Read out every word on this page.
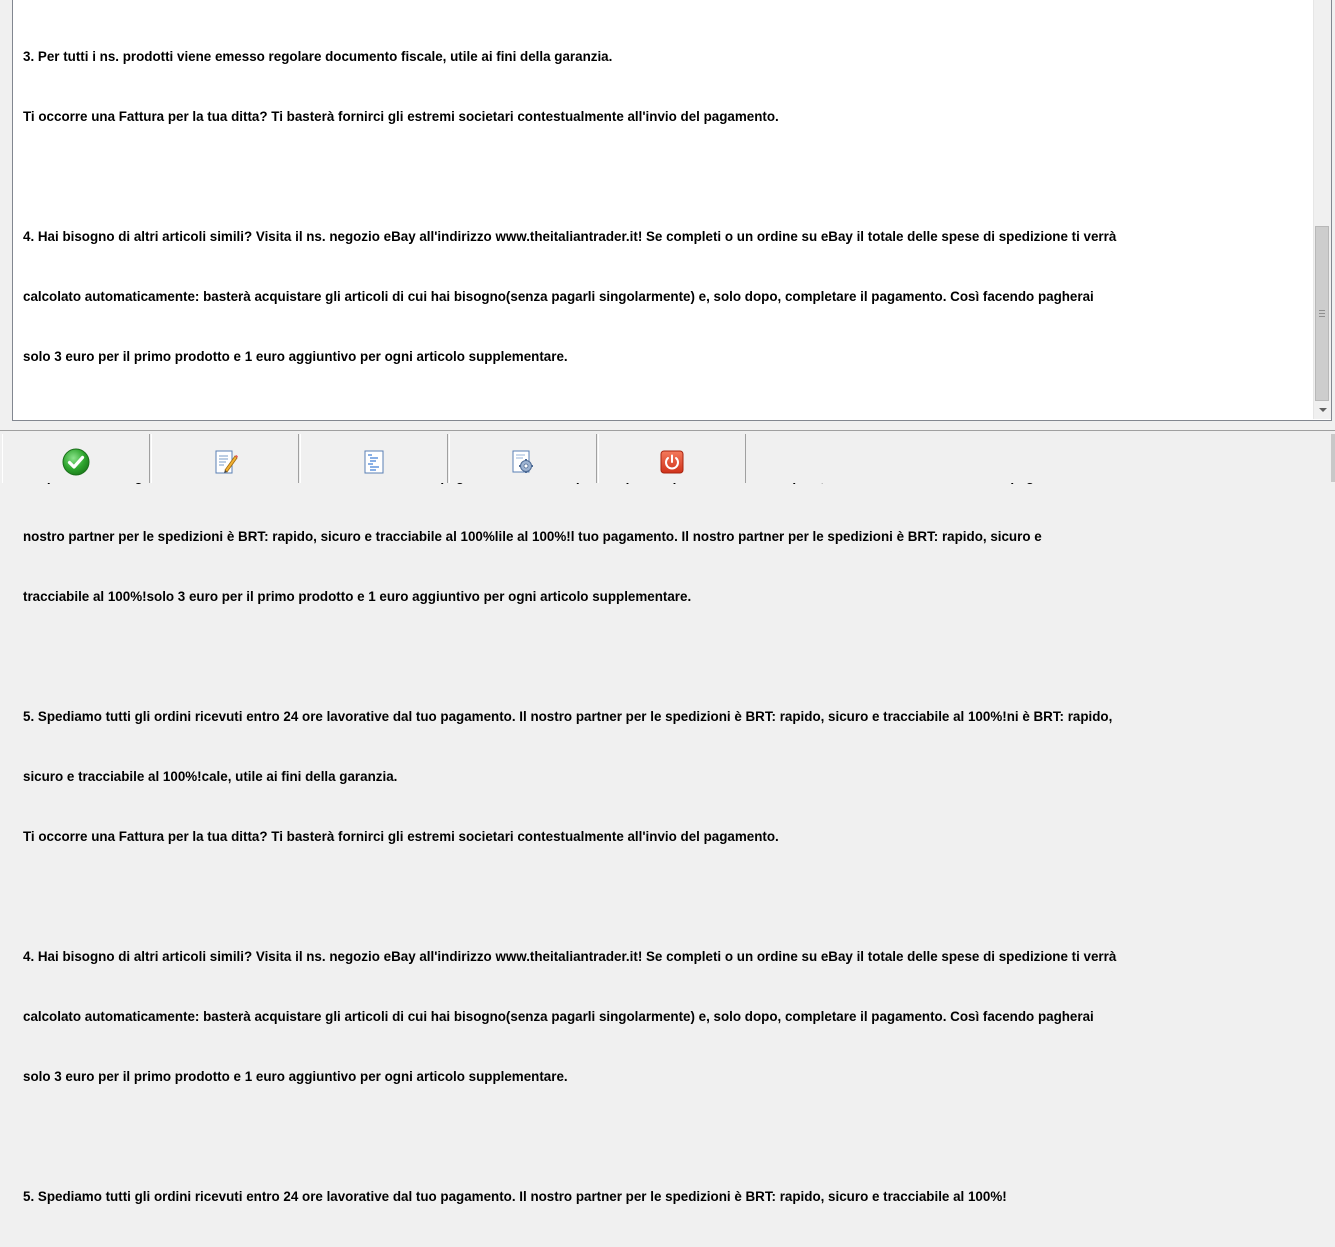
3. Per tutti i ns. prodotti viene emesso regolare documento fiscale, utile ai fini della garanzia.

Ti occorre una Fattura per la tua ditta? Ti basterà fornirci gli estremi societari contestualmente all'invio del pagamento.

4. Hai bisogno di altri articoli simili? Visita il ns. negozio eBay all'indirizzo www.theitaliantrader.it! Se completi o un ordine su eBay il totale delle spese di spedizione ti verrà

calcolato automaticamente: basterà acquistare gli articoli di cui hai bisogno(senza pagarli singolarmente) e, solo dopo, completare il pagamento. Così facendo pagherai

solo 3 euro per il primo prodotto e 1 euro aggiuntivo per ogni articolo supplementare.

nostro partner per le spedizioni è BRT: rapido, sicuro e tracciabile al 100%lile al 100%!l tuo pagamento. Il nostro partner per le spedizioni è BRT: rapido, sicuro e

tracciabile al 100%!solo 3 euro per il primo prodotto e 1 euro aggiuntivo per ogni articolo supplementare.

5. Spediamo tutti gli ordini ricevuti entro 24 ore lavorative dal tuo pagamento. Il nostro partner per le spedizioni è BRT: rapido, sicuro e tracciabile al 100%!ni è BRT: rapido,

sicuro e tracciabile al 100%!cale, utile ai fini della garanzia.

Ti occorre una Fattura per la tua ditta? Ti basterà fornirci gli estremi societari contestualmente all'invio del pagamento.

4. Hai bisogno di altri articoli simili? Visita il ns. negozio eBay all'indirizzo www.theitaliantrader.it! Se completi o un ordine su eBay il totale delle spese di spedizione ti verrà

calcolato automaticamente: basterà acquistare gli articoli di cui hai bisogno(senza pagarli singolarmente) e, solo dopo, completare il pagamento. Così facendo pagherai

solo 3 euro per il primo prodotto e 1 euro aggiuntivo per ogni articolo supplementare.

5. Spediamo tutti gli ordini ricevuti entro 24 ore lavorative dal tuo pagamento. Il nostro partner per le spedizioni è BRT: rapido, sicuro e tracciabile al 100%!
